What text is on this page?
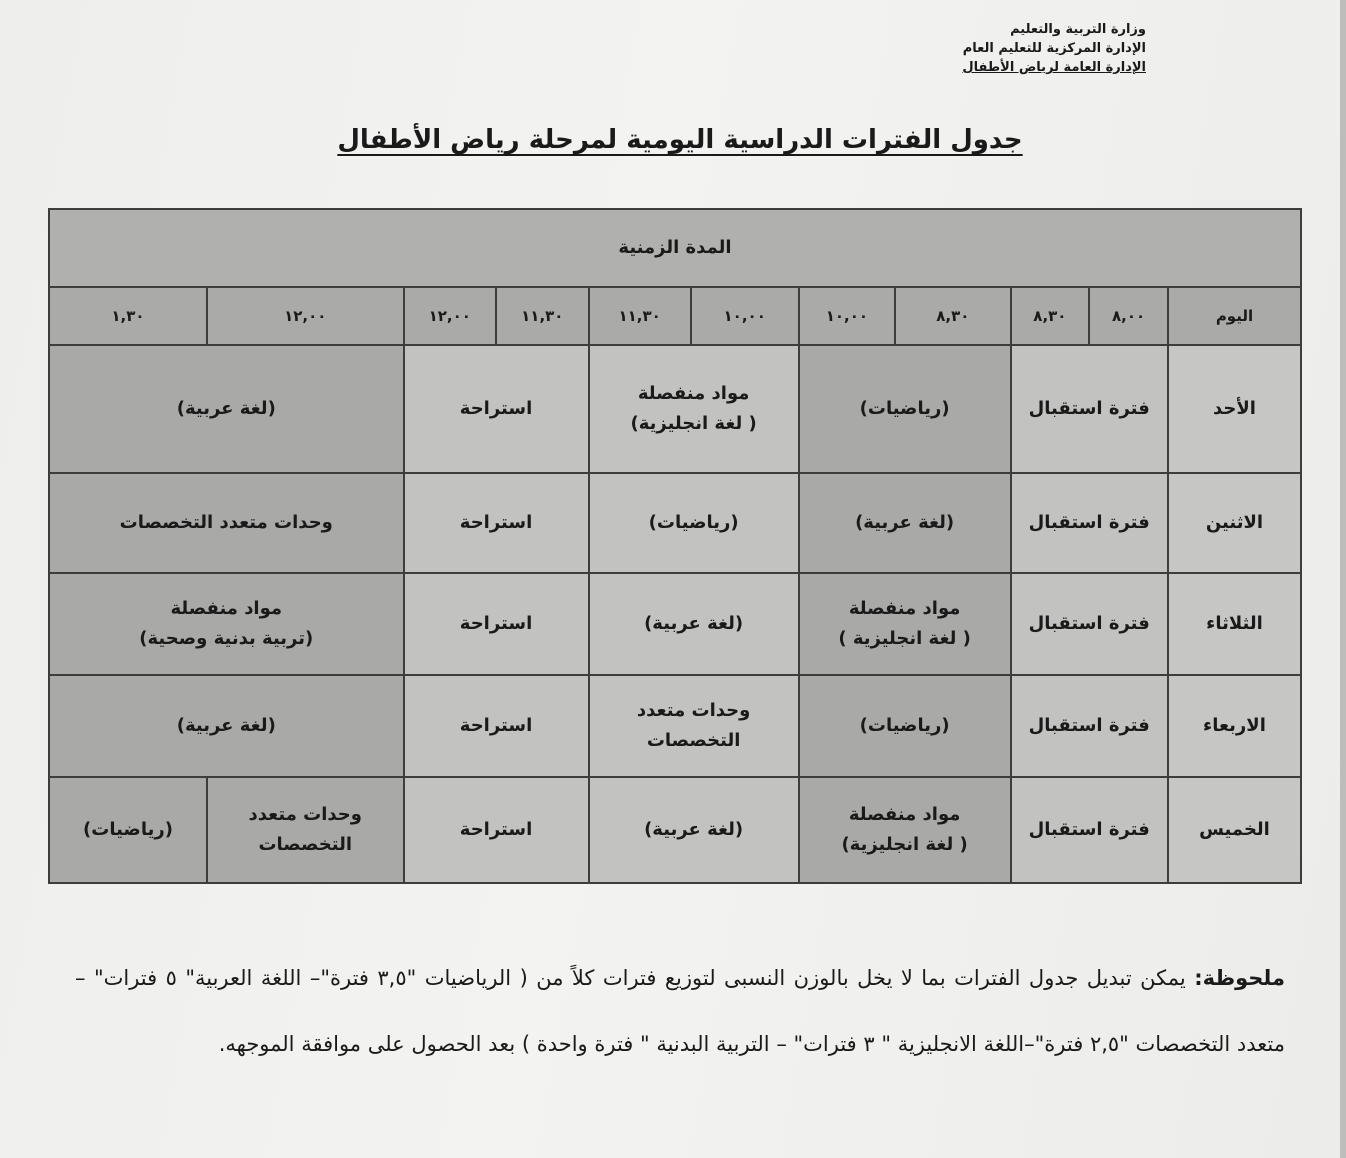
وزارة التربية والتعليم
الإدارة المركزية للتعليم العام
الإدارة العامة لرياض الأطفال
جدول الفترات الدراسية اليومية لمرحلة رياض الأطفال
المدة الزمنية										
اليوم	٨,٠٠	٨,٣٠	٨,٣٠	١٠,٠٠	١٠,٠٠	١١,٣٠	١١,٣٠	١٢,٠٠	١٢,٠٠	١,٣٠
الأحد	فترة استقبال		(رياضيات)		مواد منفصلة
( لغة انجليزية)		استراحة		(لغة عربية)	
الاثنين	فترة استقبال		(لغة عربية)		(رياضيات)		استراحة		وحدات متعدد التخصصات	
الثلاثاء	فترة استقبال		مواد منفصلة
( لغة انجليزية )		(لغة عربية)		استراحة		مواد منفصلة
(تربية بدنية وصحية)	

الاربعاء	فترة استقبال		(رياضيات)		وحدات متعدد
التخصصات		استراحة		(لغة عربية)	
الخميس	فترة استقبال		مواد منفصلة
( لغة انجليزية)		(لغة عربية)		استراحة		وحدات متعدد
التخصصات	(رياضيات)
ملحوظة: يمكن تبديل جدول الفترات بما لا يخل بالوزن النسبى لتوزيع فترات كلاً من ( الرياضيات "٣,٥ فترة"– اللغة العربية" ٥ فترات" – متعدد التخصصات "٢,٥ فترة"–اللغة الانجليزية " ٣ فترات" – التربية البدنية " فترة واحدة ) بعد الحصول على موافقة الموجهه.
